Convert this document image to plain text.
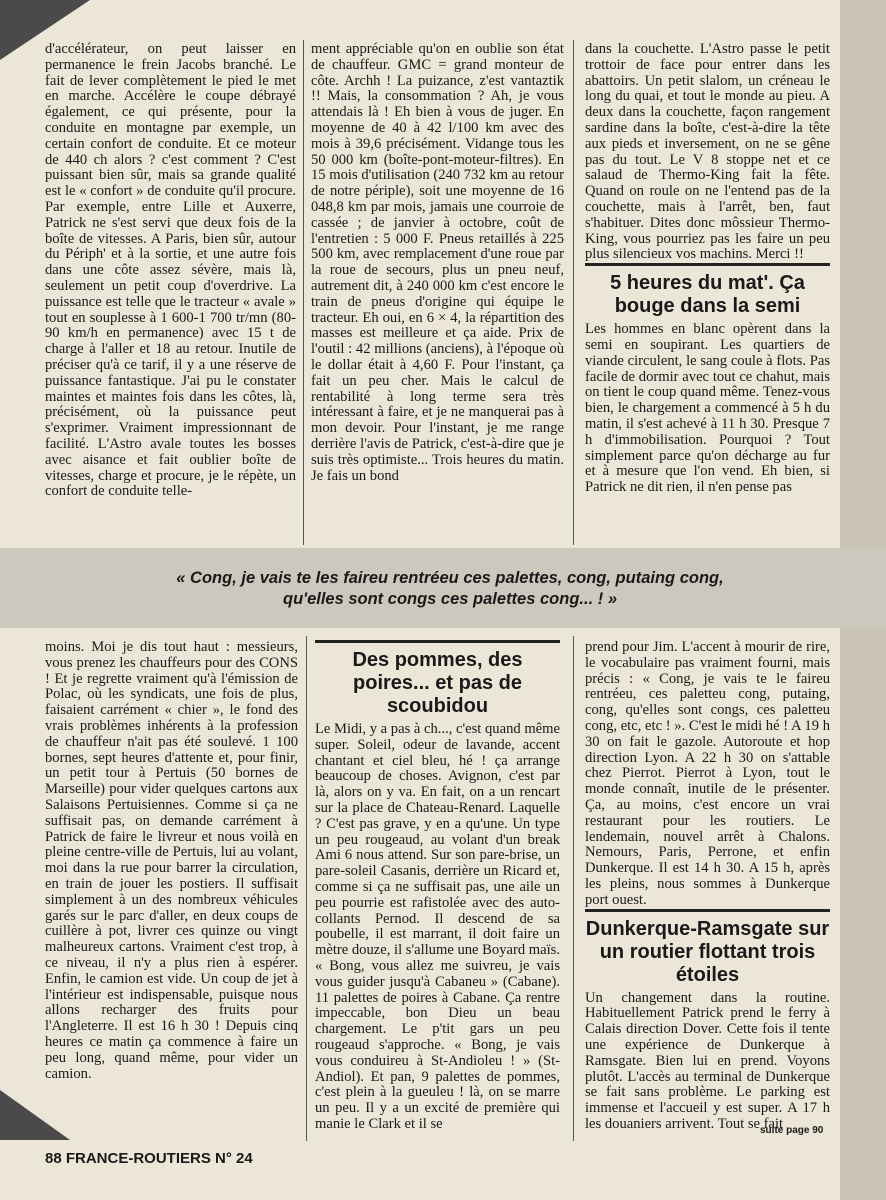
d'accélérateur, on peut laisser en permanence le frein Jacobs branché. Le fait de lever complètement le pied le met en marche. Accélère le coupe débrayé également, ce qui présente, pour la conduite en montagne par exemple, un certain confort de conduite. Et ce moteur de 440 ch alors ? c'est comment ? C'est puissant bien sûr, mais sa grande qualité est le « confort » de conduite qu'il procure. Par exemple, entre Lille et Auxerre, Patrick ne s'est servi que deux fois de la boîte de vitesses. A Paris, bien sûr, autour du Périph' et à la sortie, et une autre fois dans une côte assez sévère, mais là, seulement un petit coup d'overdrive. La puissance est telle que le tracteur « avale » tout en souplesse à 1 600-1 700 tr/mn (80-90 km/h en permanence) avec 15 t de charge à l'aller et 18 au retour. Inutile de préciser qu'à ce tarif, il y a une réserve de puissance fantastique. J'ai pu le constater maintes et maintes fois dans les côtes, là, précisément, où la puissance peut s'exprimer. Vraiment impressionnant de facilité. L'Astro avale toutes les bosses avec aisance et fait oublier boîte de vitesses, charge et procure, je le répète, un confort de conduite telle-

ment appréciable qu'on en oublie son état de chauffeur. GMC = grand monteur de côte. Archh ! La puizance, z'est vantaztik !! Mais, la consommation ? Ah, je vous attendais là ! Eh bien à vous de juger. En moyenne de 40 à 42 l/100 km avec des mois à 39,6 précisément. Vidange tous les 50 000 km (boîte-pont-moteur-filtres). En 15 mois d'utilisation (240 732 km au retour de notre périple), soit une moyenne de 16 048,8 km par mois, jamais une courroie de cassée ; de janvier à octobre, coût de l'entretien : 5 000 F. Pneus retaillés à 225 500 km, avec remplacement d'une roue par la roue de secours, plus un pneu neuf, autrement dit, à 240 000 km c'est encore le train de pneus d'origine qui équipe le tracteur. Eh oui, en 6 × 4, la répartition des masses est meilleure et ça aide. Prix de l'outil : 42 millions (anciens), à l'époque où le dollar était à 4,60 F. Pour l'instant, ça fait un peu cher. Mais le calcul de rentabilité à long terme sera très intéressant à faire, et je ne manquerai pas à mon devoir. Pour l'instant, je me range derrière l'avis de Patrick, c'est-à-dire que je suis très optimiste... Trois heures du matin. Je fais un bond

dans la couchette. L'Astro passe le petit trottoir de face pour entrer dans les abattoirs. Un petit slalom, un créneau le long du quai, et tout le monde au pieu. A deux dans la couchette, façon rangement sardine dans la boîte, c'est-à-dire la tête aux pieds et inversement, on ne se gêne pas du tout. Le V 8 stoppe net et ce salaud de Thermo-King fait la fête. Quand on roule on ne l'entend pas de la couchette, mais à l'arrêt, ben, faut s'habituer. Dites donc môssieur Thermo-King, vous pourriez pas les faire un peu plus silencieux vos machins. Merci !!

5 heures du mat'. Ça bouge dans la semi

Les hommes en blanc opèrent dans la semi en soupirant. Les quartiers de viande circulent, le sang coule à flots. Pas facile de dormir avec tout ce chahut, mais on tient le coup quand même. Tenez-vous bien, le chargement a commencé à 5 h du matin, il s'est achevé à 11 h 30. Presque 7 h d'immobilisation. Pourquoi ? Tout simplement parce qu'on décharge au fur et à mesure que l'on vend. Eh bien, si Patrick ne dit rien, il n'en pense pas

« Cong, je vais te les faireu rentréeu ces palettes, cong, putaing cong, qu'elles sont congs ces palettes cong... ! »

moins. Moi je dis tout haut : messieurs, vous prenez les chauffeurs pour des CONS ! Et je regrette vraiment qu'à l'émission de Polac, où les syndicats, une fois de plus, faisaient carrément « chier », le fond des vrais problèmes inhérents à la profession de chauffeur n'ait pas été soulevé. 1 100 bornes, sept heures d'attente et, pour finir, un petit tour à Pertuis (50 bornes de Marseille) pour vider quelques cartons aux Salaisons Pertuisiennes. Comme si ça ne suffisait pas, on demande carrément à Patrick de faire le livreur et nous voilà en pleine centre-ville de Pertuis, lui au volant, moi dans la rue pour barrer la circulation, en train de jouer les postiers. Il suffisait simplement à un des nombreux véhicules garés sur le parc d'aller, en deux coups de cuillère à pot, livrer ces quinze ou vingt malheureux cartons. Vraiment c'est trop, à ce niveau, il n'y a plus rien à espérer. Enfin, le camion est vide. Un coup de jet à l'intérieur est indispensable, puisque nous allons recharger des fruits pour l'Angleterre. Il est 16 h 30 ! Depuis cinq heures ce matin ça commence à faire un peu long, quand même, pour vider un camion.

Des pommes, des poires... et pas de scoubidou

Le Midi, y a pas à ch..., c'est quand même super. Soleil, odeur de lavande, accent chantant et ciel bleu, hé ! ça arrange beaucoup de choses. Avignon, c'est par là, alors on y va. En fait, on a un rencart sur la place de Chateau-Renard. Laquelle ? C'est pas grave, y en a qu'une. Un type un peu rougeaud, au volant d'un break Ami 6 nous attend. Sur son pare-brise, un pare-soleil Casanis, derrière un Ricard et, comme si ça ne suffisait pas, une aile un peu pourrie est rafistolée avec des auto-collants Pernod. Il descend de sa poubelle, il est marrant, il doit faire un mètre douze, il s'allume une Boyard maïs. « Bong, vous allez me suivreu, je vais vous guider jusqu'à Cabaneu » (Cabane). 11 palettes de poires à Cabane. Ça rentre impeccable, bon Dieu un beau chargement. Le p'tit gars un peu rougeaud s'approche. « Bong, je vais vous conduireu à St-Andioleu ! » (St-Andiol). Et pan, 9 palettes de pommes, c'est plein à la gueuleu ! là, on se marre un peu. Il y a un excité de première qui manie le Clark et il se

prend pour Jim. L'accent à mourir de rire, le vocabulaire pas vraiment fourni, mais précis : « Cong, je vais te le faireu rentréeu, ces paletteu cong, putaing, cong, qu'elles sont congs, ces paletteu cong, etc, etc ! ». C'est le midi hé ! A 19 h 30 on fait le gazole. Autoroute et hop direction Lyon. A 22 h 30 on s'attable chez Pierrot. Pierrot à Lyon, tout le monde connaît, inutile de le présenter. Ça, au moins, c'est encore un vrai restaurant pour les routiers. Le lendemain, nouvel arrêt à Chalons. Nemours, Paris, Perrone, et enfin Dunkerque. Il est 14 h 30. A 15 h, après les pleins, nous sommes à Dunkerque port ouest.

Dunkerque-Ramsgate sur un routier flottant trois étoiles

Un changement dans la routine. Habituellement Patrick prend le ferry à Calais direction Dover. Cette fois il tente une expérience de Dunkerque à Ramsgate. Bien lui en prend. Voyons plutôt. L'accès au terminal de Dunkerque se fait sans problème. Le parking est immense et l'accueil y est super. A 17 h les douaniers arrivent. Tout se fait

suite page 90
88 FRANCE-ROUTIERS N° 24
